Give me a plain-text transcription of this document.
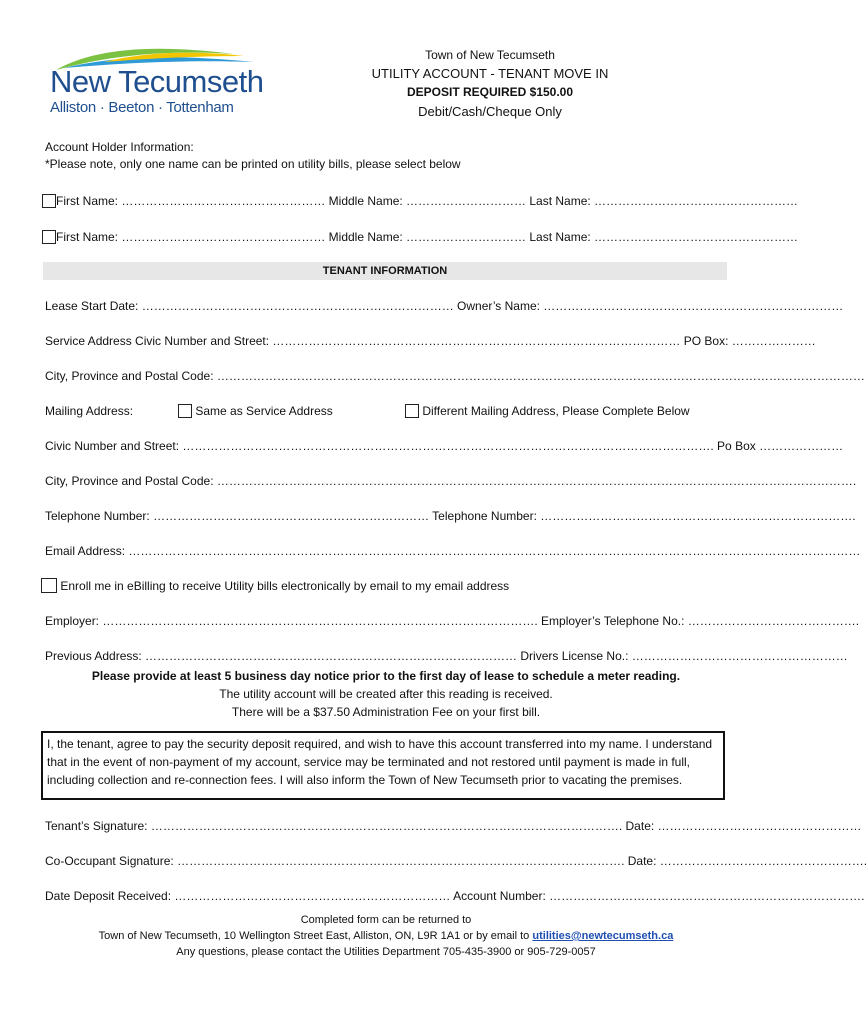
New Tecumseth
Alliston · Beeton · Tottenham
Town of New Tecumseth
UTILITY ACCOUNT - TENANT MOVE IN
DEPOSIT REQUIRED $150.00
Debit/Cash/Cheque Only
Account Holder Information:
*Please note, only one name can be printed on utility bills, please select below
First Name: …………………………………………… Middle Name: ………………………… Last Name: ……………………………………………
First Name: …………………………………………… Middle Name: ………………………… Last Name: ……………………………………………
TENANT INFORMATION
Lease Start Date: …………………………………………………………………… Owner’s Name: …………………………………………………………………
Service Address Civic Number and Street: ………………………………………………………………………………………… PO Box: …………………
City, Province and Postal Code: ………………………………………………………………………………………………………………………………………………
Mailing Address:	Same as Service Address	Different Mailing Address, Please Complete Below
Civic Number and Street: ……………………………………………………………………………………………………………………. Po Box …………………
City, Province and Postal Code: …………………………………………………………………………………………………………………………………………….
Telephone Number: …………………………………………………………… Telephone Number: …………………………………………………………………….
Email Address: …………………………………………………………………………………………………………………………………………………………………
Enroll me in eBilling to receive Utility bills electronically by email to my email address
Employer: ………………………………………………………………………………………………. Employer’s Telephone No.: …………………………………….
Previous Address: ………………………………………………………………………………… Drivers License No.: ………………………………………………
Please provide at least 5 business day notice prior to the first day of lease to schedule a meter reading.
The utility account will be created after this reading is received.
There will be a $37.50 Administration Fee on your first bill.
I, the tenant, agree to pay the security deposit required, and wish to have this account transferred into my name. I understand that in the event of non-payment of my account, service may be terminated and not restored until payment is made in full, including collection and re-connection fees. I will also inform the Town of New Tecumseth prior to vacating the premises.
Tenant’s Signature: ………………………………………………………………………………………………………. Date: ……………………………………………
Co-Occupant Signature: …………………………………………………………………………………………………. Date: …………………………………………….
Date Deposit Received: …………………………………………………………… Account Number: …………………………………………………………………….
Completed form can be returned to
Town of New Tecumseth, 10 Wellington Street East, Alliston, ON, L9R 1A1 or by email to utilities@newtecumseth.ca
Any questions, please contact the Utilities Department 705-435-3900 or 905-729-0057
